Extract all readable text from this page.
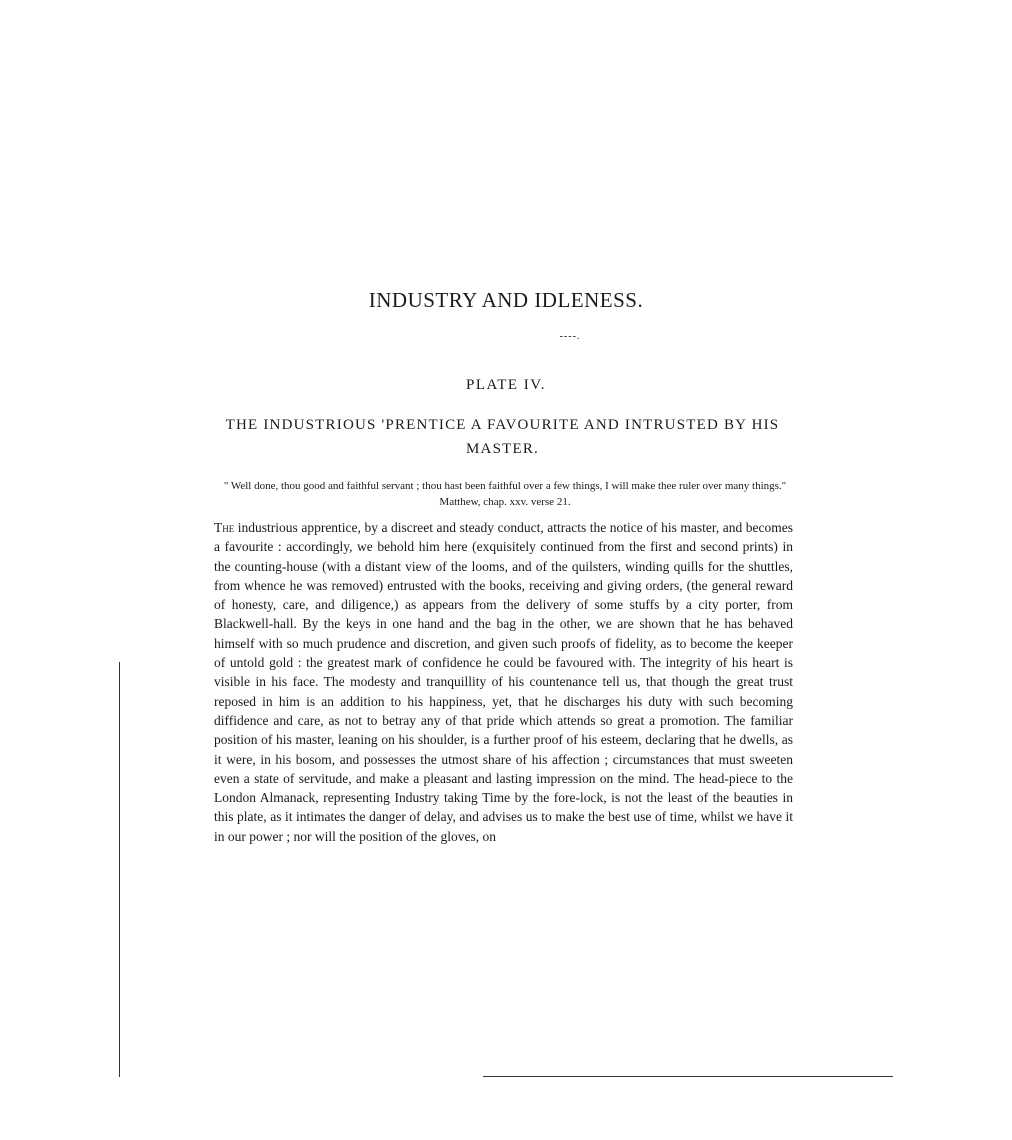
INDUSTRY AND IDLENESS.
----.
PLATE IV.
THE INDUSTRIOUS 'PRENTICE A FAVOURITE AND INTRUSTED BY HIS MASTER.

" Well done, thou good and faithful servant ; thou hast been faithful over a few things, I will make thee ruler over many things." Matthew, chap. xxv. verse 21.

The industrious apprentice, by a discreet and steady conduct, attracts the notice of his master, and becomes a favourite : accordingly, we behold him here (exquisitely continued from the first and second prints) in the counting-house (with a distant view of the looms, and of the quilsters, winding quills for the shuttles, from whence he was removed) entrusted with the books, receiving and giving orders, (the general reward of honesty, care, and diligence,) as appears from the delivery of some stuffs by a city porter, from Blackwell-hall. By the keys in one hand and the bag in the other, we are shown that he has behaved himself with so much prudence and discretion, and given such proofs of fidelity, as to become the keeper of untold gold : the greatest mark of confidence he could be favoured with. The integrity of his heart is visible in his face. The modesty and tranquillity of his countenance tell us, that though the great trust reposed in him is an addition to his happiness, yet, that he discharges his duty with such becoming diffidence and care, as not to betray any of that pride which attends so great a promotion. The familiar position of his master, leaning on his shoulder, is a further proof of his esteem, declaring that he dwells, as it were, in his bosom, and possesses the utmost share of his affection ; circumstances that must sweeten even a state of servitude, and make a pleasant and lasting impression on the mind. The head-piece to the London Almanack, representing Industry taking Time by the fore-lock, is not the least of the beauties in this plate, as it intimates the danger of delay, and advises us to make the best use of time, whilst we have it in our power ; nor will the position of the gloves, on
